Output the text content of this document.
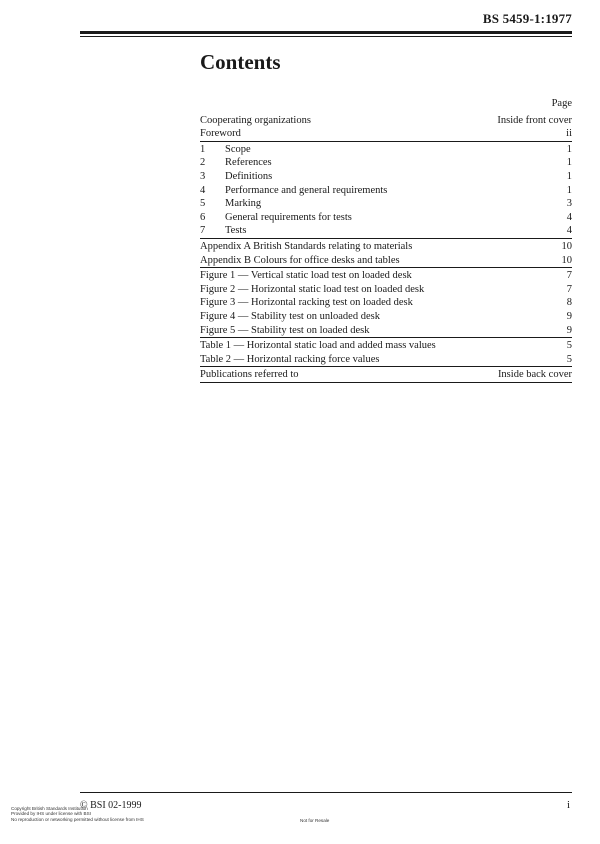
BS 5459-1:1977
Contents
Page
Cooperating organizations	Inside front cover
Foreword	ii
1 Scope	1
2 References	1
3 Definitions	1
4 Performance and general requirements	1
5 Marking	3
6 General requirements for tests	4
7 Tests	4
Appendix A British Standards relating to materials	10
Appendix B Colours for office desks and tables	10
Figure 1 — Vertical static load test on loaded desk	7
Figure 2 — Horizontal static load test on loaded desk	7
Figure 3 — Horizontal racking test on loaded desk	8
Figure 4 — Stability test on unloaded desk	9
Figure 5 — Stability test on loaded desk	9
Table 1 — Horizontal static load and added mass values	5
Table 2 — Horizontal racking force values	5
Publications referred to	Inside back cover
© BSI 02-1999	i
Copyright British Standards Institution
Provided by IHS under license with BSI
No reproduction or networking permitted without license from IHS	Not for Resale
